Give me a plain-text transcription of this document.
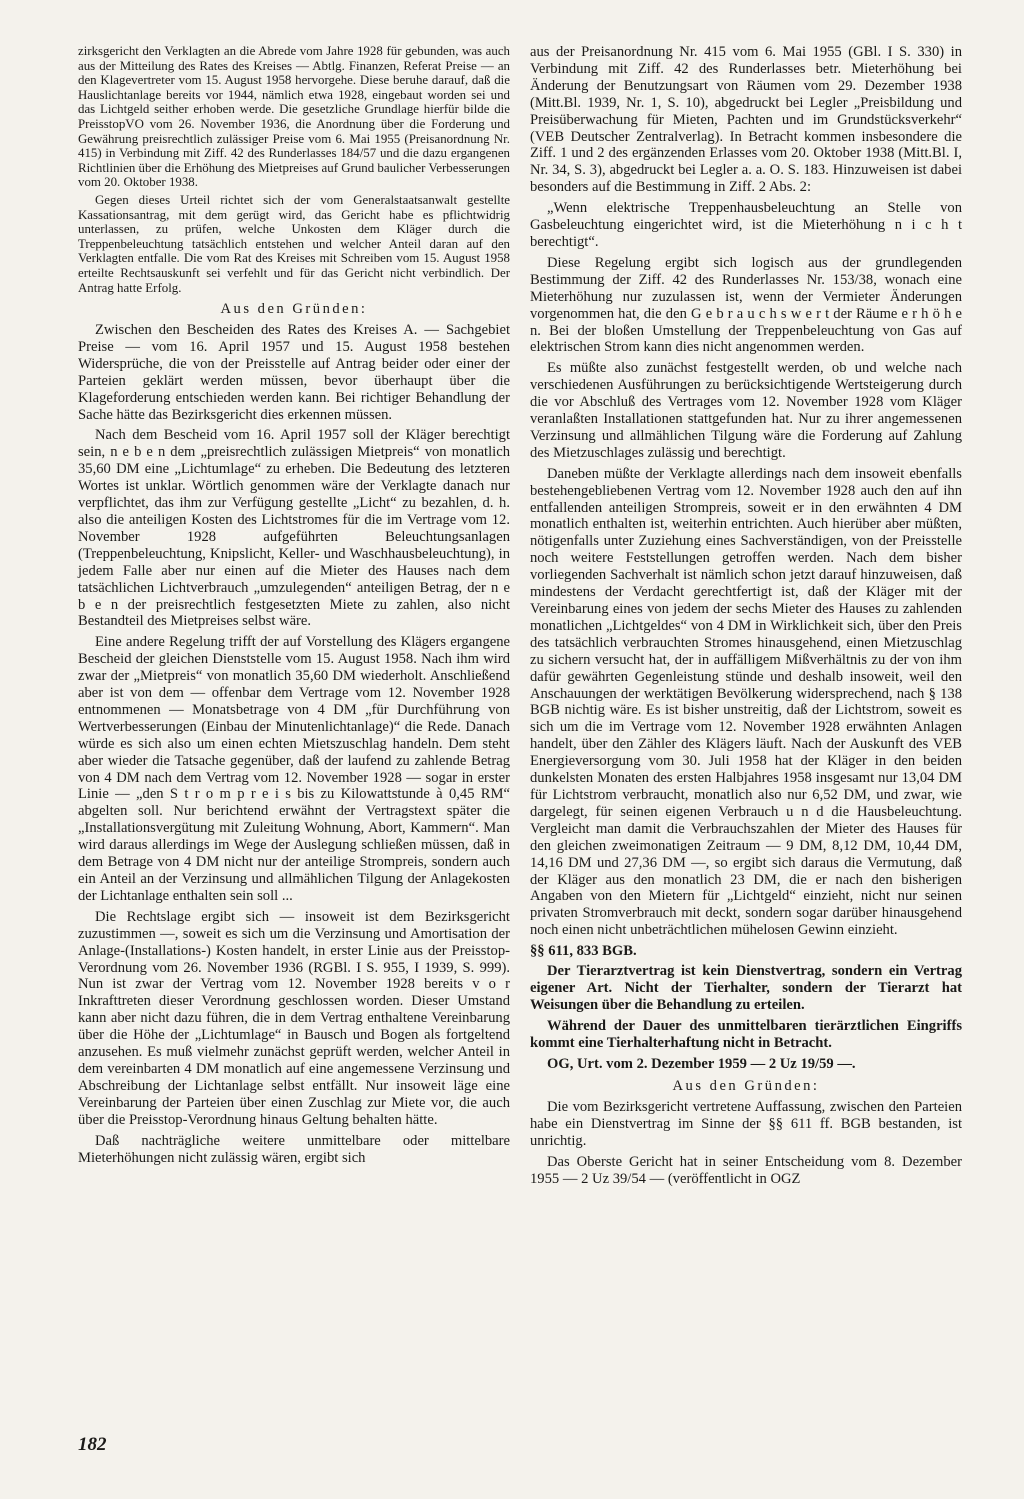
zirksgericht den Verklagten an die Abrede vom Jahre 1928 für gebunden, was auch aus der Mitteilung des Rates des Kreises — Abtlg. Finanzen, Referat Preise — an den Klagevertreter vom 15. August 1958 hervorgehe. Diese beruhe darauf, daß die Hauslichtanlage bereits vor 1944, nämlich etwa 1928, eingebaut worden sei und das Lichtgeld seither erhoben werde. Die gesetzliche Grundlage hierfür bilde die PreisstopVO vom 26. November 1936, die Anordnung über die Forderung und Gewährung preisrechtlich zulässiger Preise vom 6. Mai 1955 (Preisanordnung Nr. 415) in Verbindung mit Ziff. 42 des Runderlasses 184/57 und die dazu ergangenen Richtlinien über die Erhöhung des Mietpreises auf Grund baulicher Verbesserungen vom 20. Oktober 1938.

Gegen dieses Urteil richtet sich der vom Generalstaatsanwalt gestellte Kassationsantrag, mit dem gerügt wird, das Gericht habe es pflichtwidrig unterlassen, zu prüfen, welche Unkosten dem Kläger durch die Treppenbeleuchtung tatsächlich entstehen und welcher Anteil daran auf den Verklagten entfalle. Die vom Rat des Kreises mit Schreiben vom 15. August 1958 erteilte Rechtsauskunft sei verfehlt und für das Gericht nicht verbindlich. Der Antrag hatte Erfolg.

Aus den Gründen:

Zwischen den Bescheiden des Rates des Kreises A. — Sachgebiet Preise — vom 16. April 1957 und 15. August 1958 bestehen Widersprüche, die von der Preisstelle auf Antrag beider oder einer der Parteien geklärt werden müssen, bevor überhaupt über die Klageforderung entschieden werden kann. Bei richtiger Behandlung der Sache hätte das Bezirksgericht dies erkennen müssen.

Nach dem Bescheid vom 16. April 1957 soll der Kläger berechtigt sein, n e b e n dem „preisrechtlich zulässigen Mietpreis“ von monatlich 35,60 DM eine „Lichtumlage“ zu erheben. Die Bedeutung des letzteren Wortes ist unklar. Wörtlich genommen wäre der Verklagte danach nur verpflichtet, das ihm zur Verfügung gestellte „Licht“ zu bezahlen, d. h. also die anteiligen Kosten des Lichtstromes für die im Vertrage vom 12. November 1928 aufgeführten Beleuchtungsanlagen (Treppenbeleuchtung, Knipslicht, Keller- und Waschhausbeleuchtung), in jedem Falle aber nur einen auf die Mieter des Hauses nach dem tatsächlichen Lichtverbrauch „umzulegenden“ anteiligen Betrag, der n e b e n der preisrechtlich festgesetzten Miete zu zahlen, also nicht Bestandteil des Mietpreises selbst wäre.

Eine andere Regelung trifft der auf Vorstellung des Klägers ergangene Bescheid der gleichen Dienststelle vom 15. August 1958. Nach ihm wird zwar der „Mietpreis“ von monatlich 35,60 DM wiederholt. Anschließend aber ist von dem — offenbar dem Vertrage vom 12. November 1928 entnommenen — Monatsbetrage von 4 DM „für Durchführung von Wertverbesserungen (Einbau der Minutenlichtanlage)“ die Rede. Danach würde es sich also um einen echten Mietszuschlag handeln. Dem steht aber wieder die Tatsache gegenüber, daß der laufend zu zahlende Betrag von 4 DM nach dem Vertrag vom 12. November 1928 — sogar in erster Linie — „den S t r o m p r e i s bis zu Kilowattstunde à 0,45 RM“ abgelten soll. Nur berichtend erwähnt der Vertragstext später die „Installationsvergütung mit Zuleitung Wohnung, Abort, Kammern“. Man wird daraus allerdings im Wege der Auslegung schließen müssen, daß in dem Betrage von 4 DM nicht nur der anteilige Strompreis, sondern auch ein Anteil an der Verzinsung und allmählichen Tilgung der Anlagekosten der Lichtanlage enthalten sein soll ...

Die Rechtslage ergibt sich — insoweit ist dem Bezirksgericht zuzustimmen —, soweit es sich um die Verzinsung und Amortisation der Anlage-(Installations-) Kosten handelt, in erster Linie aus der Preisstop-Verordnung vom 26. November 1936 (RGBl. I S. 955, I 1939, S. 999). Nun ist zwar der Vertrag vom 12. November 1928 bereits v o r Inkrafttreten dieser Verordnung geschlossen worden. Dieser Umstand kann aber nicht dazu führen, die in dem Vertrag enthaltene Vereinbarung über die Höhe der „Lichtumlage“ in Bausch und Bogen als fortgeltend anzusehen. Es muß vielmehr zunächst geprüft werden, welcher Anteil in dem vereinbarten 4 DM monatlich auf eine angemessene Verzinsung und Abschreibung der Lichtanlage selbst entfällt. Nur insoweit läge eine Vereinbarung der Parteien über einen Zuschlag zur Miete vor, die auch über die Preisstop-Verordnung hinaus Geltung behalten hätte.

Daß nachträgliche weitere unmittelbare oder mittelbare Mieterhöhungen nicht zulässig wären, ergibt sich

aus der Preisanordnung Nr. 415 vom 6. Mai 1955 (GBl. I S. 330) in Verbindung mit Ziff. 42 des Runderlasses betr. Mieterhöhung bei Änderung der Benutzungsart von Räumen vom 29. Dezember 1938 (Mitt.Bl. 1939, Nr. 1, S. 10), abgedruckt bei Legler „Preisbildung und Preisüberwachung für Mieten, Pachten und im Grundstücksverkehr“ (VEB Deutscher Zentralverlag). In Betracht kommen insbesondere die Ziff. 1 und 2 des ergänzenden Erlasses vom 20. Oktober 1938 (Mitt.Bl. I, Nr. 34, S. 3), abgedruckt bei Legler a. a. O. S. 183. Hinzuweisen ist dabei besonders auf die Bestimmung in Ziff. 2 Abs. 2:

„Wenn elektrische Treppenhausbeleuchtung an Stelle von Gasbeleuchtung eingerichtet wird, ist die Mieterhöhung n i c h t berechtigt“.

Diese Regelung ergibt sich logisch aus der grundlegenden Bestimmung der Ziff. 42 des Runderlasses Nr. 153/38, wonach eine Mieterhöhung nur zuzulassen ist, wenn der Vermieter Änderungen vorgenommen hat, die den G e b r a u c h s w e r t der Räume e r h ö h e n. Bei der bloßen Umstellung der Treppenbeleuchtung von Gas auf elektrischen Strom kann dies nicht angenommen werden.

Es müßte also zunächst festgestellt werden, ob und welche nach verschiedenen Ausführungen zu berücksichtigende Wertsteigerung durch die vor Abschluß des Vertrages vom 12. November 1928 vom Kläger veranlaßten Installationen stattgefunden hat. Nur zu ihrer angemessenen Verzinsung und allmählichen Tilgung wäre die Forderung auf Zahlung des Mietzuschlages zulässig und berechtigt.

Daneben müßte der Verklagte allerdings nach dem insoweit ebenfalls bestehengebliebenen Vertrag vom 12. November 1928 auch den auf ihn entfallenden anteiligen Strompreis, soweit er in den erwähnten 4 DM monatlich enthalten ist, weiterhin entrichten. Auch hierüber aber müßten, nötigenfalls unter Zuziehung eines Sachverständigen, von der Preisstelle noch weitere Feststellungen getroffen werden. Nach dem bisher vorliegenden Sachverhalt ist nämlich schon jetzt darauf hinzuweisen, daß mindestens der Verdacht gerechtfertigt ist, daß der Kläger mit der Vereinbarung eines von jedem der sechs Mieter des Hauses zu zahlenden monatlichen „Lichtgeldes“ von 4 DM in Wirklichkeit sich, über den Preis des tatsächlich verbrauchten Stromes hinausgehend, einen Mietzuschlag zu sichern versucht hat, der in auffälligem Mißverhältnis zu der von ihm dafür gewährten Gegenleistung stünde und deshalb insoweit, weil den Anschauungen der werktätigen Bevölkerung widersprechend, nach § 138 BGB nichtig wäre. Es ist bisher unstreitig, daß der Lichtstrom, soweit es sich um die im Vertrage vom 12. November 1928 erwähnten Anlagen handelt, über den Zähler des Klägers läuft. Nach der Auskunft des VEB Energieversorgung vom 30. Juli 1958 hat der Kläger in den beiden dunkelsten Monaten des ersten Halbjahres 1958 insgesamt nur 13,04 DM für Lichtstrom verbraucht, monatlich also nur 6,52 DM, und zwar, wie dargelegt, für seinen eigenen Verbrauch u n d die Hausbeleuchtung. Vergleicht man damit die Verbrauchszahlen der Mieter des Hauses für den gleichen zweimonatigen Zeitraum — 9 DM, 8,12 DM, 10,44 DM, 14,16 DM und 27,36 DM —, so ergibt sich daraus die Vermutung, daß der Kläger aus den monatlich 23 DM, die er nach den bisherigen Angaben von den Mietern für „Lichtgeld“ einzieht, nicht nur seinen privaten Stromverbrauch mit deckt, sondern sogar darüber hinausgehend noch einen nicht unbeträchtlichen mühelosen Gewinn einzieht.

§§ 611, 833 BGB.

Der Tierarztvertrag ist kein Dienstvertrag, sondern ein Vertrag eigener Art. Nicht der Tierhalter, sondern der Tierarzt hat Weisungen über die Behandlung zu erteilen.

Während der Dauer des unmittelbaren tierärztlichen Eingriffs kommt eine Tierhalterhaftung nicht in Betracht.

OG, Urt. vom 2. Dezember 1959 — 2 Uz 19/59 —.

Aus den Gründen:

Die vom Bezirksgericht vertretene Auffassung, zwischen den Parteien habe ein Dienstvertrag im Sinne der §§ 611 ff. BGB bestanden, ist unrichtig.

Das Oberste Gericht hat in seiner Entscheidung vom 8. Dezember 1955 — 2 Uz 39/54 — (veröffentlicht in OGZ

182
